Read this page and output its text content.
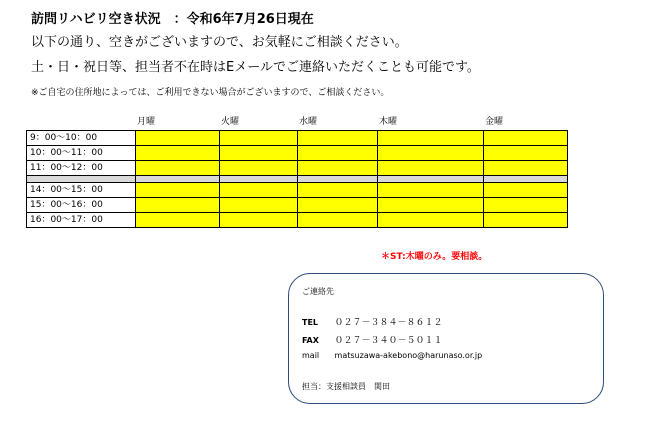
訪問リハビリ空き状況　：令和6年7月26日現在
以下の通り、空きがございますので、お気軽にご相談ください。
土・日・祝日等、担当者不在時はEメールでご連絡いただくことも可能です。
※ご自宅の住所地によっては、ご利用できない場合がございますので、ご相談ください。
月曜	火曜	水曜	木曜	金曜
9：00～10：00					
10：00～11：00					
11：00～12：00					

14：00～15：00					
15：00～16：00					
16：00～17：00					
＊ST:木曜のみ。要相談。
ご連絡先
TEL ０２７－３８４－８６１２
FAX ０２７－３４０－５０１１
mail matsuzawa-akebono@harunaso.or.jp
担当：支援相談員　関田
